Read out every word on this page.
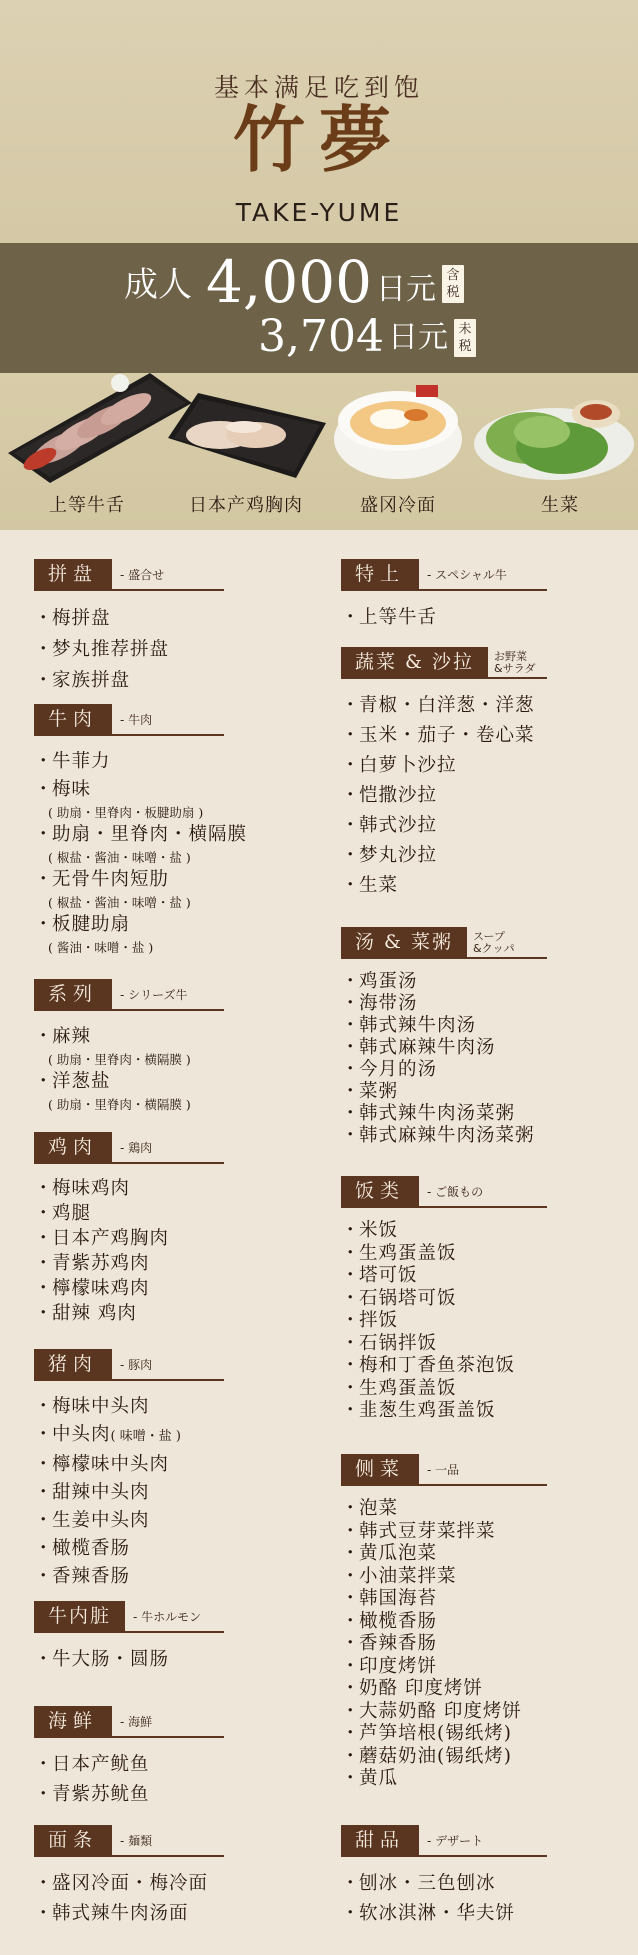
基本满足吃到饱
竹夢
TAKE-YUME
成人 4,000 日元 含税
3,704 日元 未税
上等牛舌	日本产鸡胸肉	盛冈冷面	生菜
拼盘	- 盛合せ
・梅拼盘
・梦丸推荐拼盘
・家族拼盘
牛肉	- 牛肉
・牛菲力
・梅味
( 助扇・里脊肉・板腱助扇 )
・助扇・里脊肉・横隔膜
( 椒盐・酱油・味噌・盐 )
・无骨牛肉短肋
( 椒盐・酱油・味噌・盐 )
・板腱助扇
( 酱油・味噌・盐 )
系列	- シリーズ牛
・麻辣
( 助扇・里脊肉・横隔膜 )
・洋葱盐
( 助扇・里脊肉・横隔膜 )
鸡肉	- 鶏肉
・梅味鸡肉
・鸡腿
・日本产鸡胸肉
・青紫苏鸡肉
・檸檬味鸡肉
・甜辣 鸡肉
猪肉	- 豚肉
・梅味中头肉
・中头肉( 味噌・盐 )
・檸檬味中头肉
・甜辣中头肉
・生姜中头肉
・橄榄香肠
・香辣香肠
牛内脏	- 牛ホルモン
・牛大肠・圆肠
海鲜	- 海鮮
・日本产鱿鱼
・青紫苏鱿鱼
面条	- 麺類
・盛冈冷面・梅冷面
・韩式辣牛肉汤面
特上	- スペシャル牛
・上等牛舌
蔬菜 & 沙拉	お野菜
&サラダ
・青椒・白洋葱・洋葱
・玉米・茄子・卷心菜
・白萝卜沙拉
・恺撒沙拉
・韩式沙拉
・梦丸沙拉
・生菜
汤 & 菜粥	スープ
&クッパ
・鸡蛋汤
・海带汤
・韩式辣牛肉汤
・韩式麻辣牛肉汤
・今月的汤
・菜粥
・韩式辣牛肉汤菜粥
・韩式麻辣牛肉汤菜粥
饭类	- ご飯もの
・米饭
・生鸡蛋盖饭
・塔可饭
・石锅塔可饭
・拌饭
・石锅拌饭
・梅和丁香鱼茶泡饭
・生鸡蛋盖饭
・韭葱生鸡蛋盖饭
侧菜	- 一品
・泡菜
・韩式豆芽菜拌菜
・黄瓜泡菜
・小油菜拌菜
・韩国海苔
・橄榄香肠
・香辣香肠
・印度烤饼
・奶酪 印度烤饼
・大蒜奶酪 印度烤饼
・芦笋培根(锡纸烤)
・蘑菇奶油(锡纸烤)
・黄瓜
甜品	- デザート
・刨冰・三色刨冰
・软冰淇淋・华夫饼
